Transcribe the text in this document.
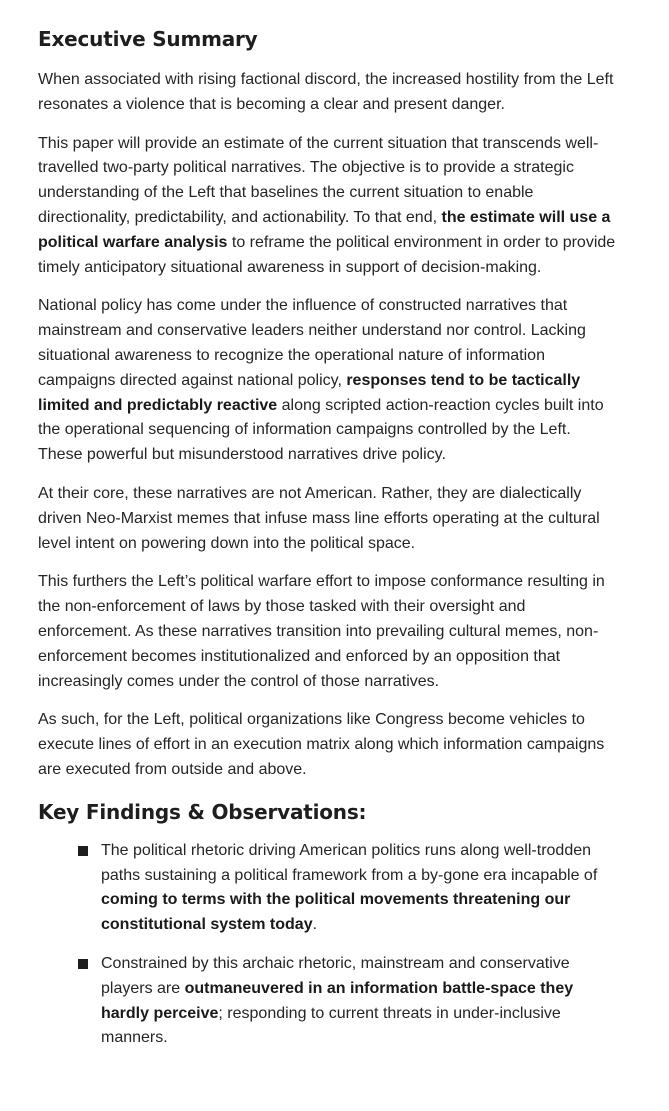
Executive Summary

When associated with rising factional discord, the increased hostility from the Left resonates a violence that is becoming a clear and present danger.

This paper will provide an estimate of the current situation that transcends well-travelled two-party political narratives. The objective is to provide a strategic understanding of the Left that baselines the current situation to enable directionality, predictability, and actionability. To that end, the estimate will use a political warfare analysis to reframe the political environment in order to provide timely anticipatory situational awareness in support of decision-making.

National policy has come under the influence of constructed narratives that mainstream and conservative leaders neither understand nor control. Lacking situational awareness to recognize the operational nature of information campaigns directed against national policy, responses tend to be tactically limited and predictably reactive along scripted action-reaction cycles built into the operational sequencing of information campaigns controlled by the Left. These powerful but misunderstood narratives drive policy.

At their core, these narratives are not American. Rather, they are dialectically driven Neo-Marxist memes that infuse mass line efforts operating at the cultural level intent on powering down into the political space.

This furthers the Left’s political warfare effort to impose conformance resulting in the non-enforcement of laws by those tasked with their oversight and enforcement. As these narratives transition into prevailing cultural memes, non-enforcement becomes institutionalized and enforced by an opposition that increasingly comes under the control of those narratives.

As such, for the Left, political organizations like Congress become vehicles to execute lines of effort in an execution matrix along which information campaigns are executed from outside and above.

Key Findings & Observations:
The political rhetoric driving American politics runs along well-trodden paths sustaining a political framework from a by-gone era incapable of coming to terms with the political movements threatening our constitutional system today.
Constrained by this archaic rhetoric, mainstream and conservative players are outmaneuvered in an information battle-space they hardly perceive; responding to current threats in under-inclusive manners.
